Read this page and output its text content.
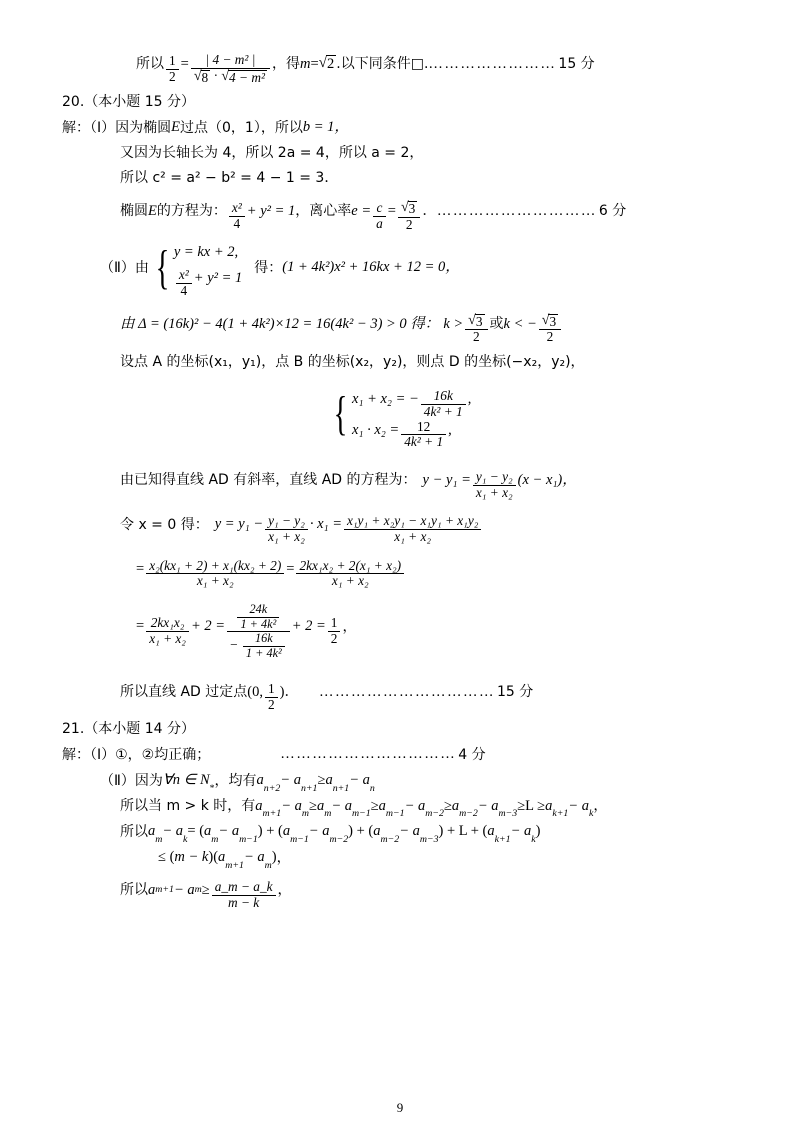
所以 $\frac{1}{2} = \frac{\text{| 4 − m² |}}{\text{√ 8 · √ 4 − m²}}$ ，得 m = √ 2 .以下同条件□. …………………… 15 分
20.（本小题 15 分）
解：（Ⅰ）因为椭圆 E 过点（0，1），所以 b = 1，
又因为长轴长为 4，所以 2a = 4，所以 a = 2，
所以 c² = a² − b² = 4 − 1 = 3．
椭圆 E 的方程为： $\frac{\text{x²}}{4} + y^2 = 1$ ，离心率 $e = \frac{c}{a} = \frac{√ 3}{2}$ ． ………………………… 6 分
（Ⅱ）由 { y = kx + 2,
$\frac{\text{x²}}{4} + y^2 = 1$
得： (1 + 4k²)x² + 16kx + 12 = 0，
由 Δ = (16k)² − 4(1 + 4k²)×12 = 16(4k² − 3) > 0 得： $k > \frac{√ 3}{2}$ 或 k < − $\frac{√ 3}{2}$
设点 A 的坐标(x₁，y₁)，点 B 的坐标(x₂，y₂)，则点 D 的坐标(−x₂，y₂)，
{ x₁ + x₂ = − $\frac{16k}{\text{4k² + 1}}$ ,
$x_1 \cdot x_2 = \frac{12}{\text{4k² + 1}}$ ,
由已知得直线 AD 有斜率，直线 AD 的方程为： $y - y_1 = \frac{\text{y₁ − y₂}}{\text{x₁ + x₂}} (x - x_1)$，
令 x = 0 得： $y = y_1 - \frac{\text{y₁ − y₂}}{\text{x₁ + x₂}} \cdot x_1 = \frac{\text{x₁y₁ + x₂y₁ − x₁y₁ + x₁y₂}}{\text{x₁ + x₂}}$
= $\frac{\text{x₂(kx₁ + 2) + x₁(kx₂ + 2)}}{\text{x₁ + x₂}} = \frac{\text{2kx₁x₂ + 2(x₁ + x₂)}}{\text{x₁ + x₂}}$
= $\frac{\text{2kx₁x₂}}{\text{x₁ + x₂}} + 2 = \frac{\frac{24k}{\text{1 + 4k²}}}{- \frac{16k}{\text{1 + 4k²}}} + 2 = \frac{1}{2}$ ，
所以直线 AD 过定点 ( 0, $\frac{1}{2}$ )． …………………………… 15 分
21.（本小题 14 分）
解：（Ⅰ）①，②均正确；	…………………………… 4 分
（Ⅱ）因为 ∀n ∈ N
* ，均有 a
n+2
− a
n+1
≥ a
n+1
− a
n
所以当 m > k 时，有 a
m+1
− a
m
≥ a
m
− a
m−1
≥ a
m−1
− a
m−2
≥ a
m−2
− a
m−3
≥L ≥ a
k+1
− a
k ，
所以 a
m
− a
k
= ( a
m
− a
m−1
) + ( a
m−1
− a
m−2
) + ( a
m−2
− a
m−3
) + L + ( a
k+1
− a
k
)
≤ ( m − k )( a
m+1
− a
m
) ，
所以 a m+1 − a $m \ge \frac{a\_m - a\_k}{m - k}$ ，
9
